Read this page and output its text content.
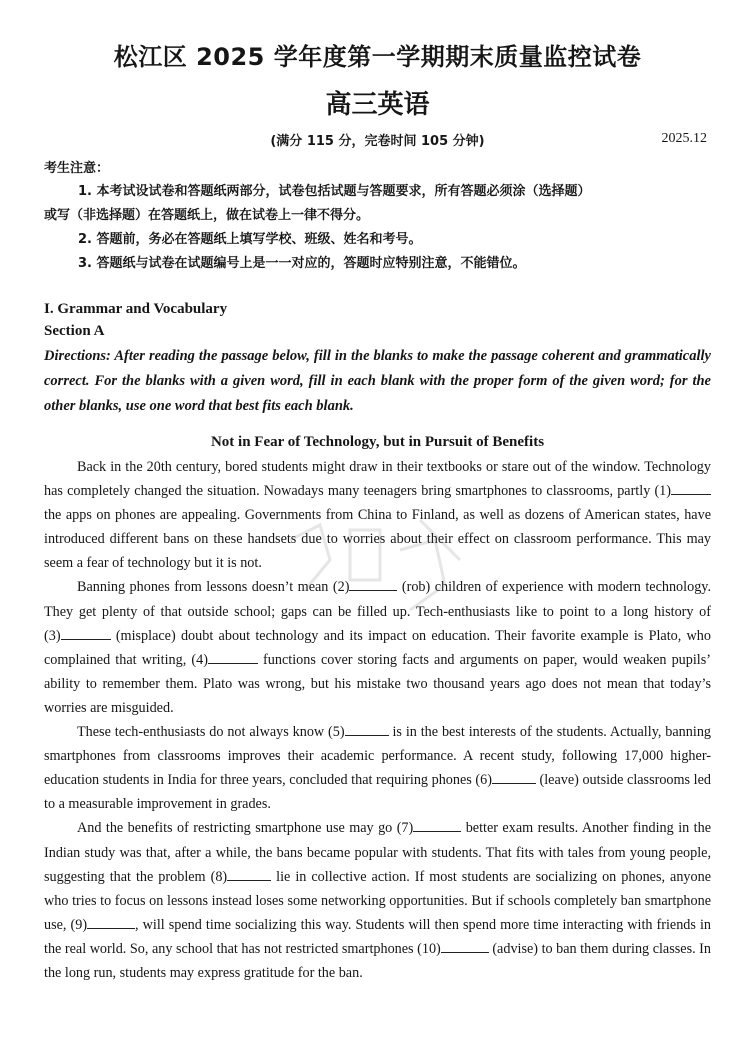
松江区 2025 学年度第一学期期末质量监控试卷
高三英语
(满分 115 分，完卷时间 105 分钟)	2025.12
考生注意：

1. 本考试设试卷和答题纸两部分，试卷包括试题与答题要求，所有答题必须涂（选择题）

或写（非选择题）在答题纸上，做在试卷上一律不得分。

2. 答题前，务必在答题纸上填写学校、班级、姓名和考号。

3. 答题纸与试卷在试题编号上是一一对应的，答题时应特别注意，不能错位。

I. Grammar and Vocabulary

Section A

Directions: After reading the passage below, fill in the blanks to make the passage coherent and grammatically correct. For the blanks with a given word, fill in each blank with the proper form of the given word; for the other blanks, use one word that best fits each blank.

Not in Fear of Technology, but in Pursuit of Benefits

Back in the 20th century, bored students might draw in their textbooks or stare out of the window. Technology has completely changed the situation. Nowadays many teenagers bring smartphones to classrooms, partly (1) the apps on phones are appealing. Governments from China to Finland, as well as dozens of American states, have introduced different bans on these handsets due to worries about their effect on classroom performance. This may seem a fear of technology but it is not.

Banning phones from lessons doesn’t mean (2)	(rob) children of experience with modern technology. They get plenty of that outside school; gaps can be filled up. Tech-enthusiasts like to point to a long history of (3)	(misplace) doubt about technology and its impact on education. Their favorite example is Plato, who complained that writing, (4)	functions cover storing facts and arguments on paper, would weaken pupils’ ability to remember them. Plato was wrong, but his mistake two thousand years ago does not mean that today’s worries are misguided.

These tech-enthusiasts do not always know (5)	is in the best interests of the students. Actually, banning smartphones from classrooms improves their academic performance. A recent study, following 17,000 higher-education students in India for three years, concluded that requiring phones (6)	(leave) outside classrooms led to a measurable improvement in grades.

And the benefits of restricting smartphone use may go (7)	better exam results. Another finding in the Indian study was that, after a while, the bans became popular with students. That fits with tales from young people, suggesting that the problem (8)	lie in collective action. If most students are socializing on phones, anyone who tries to focus on lessons instead loses some networking opportunities. But if schools completely ban smartphone use, (9)	, will spend time socializing this way. Students will then spend more time interacting with friends in the real world. So, any school that has not restricted smartphones (10)	(advise) to ban them during classes. In the long run, students may express gratitude for the ban.
